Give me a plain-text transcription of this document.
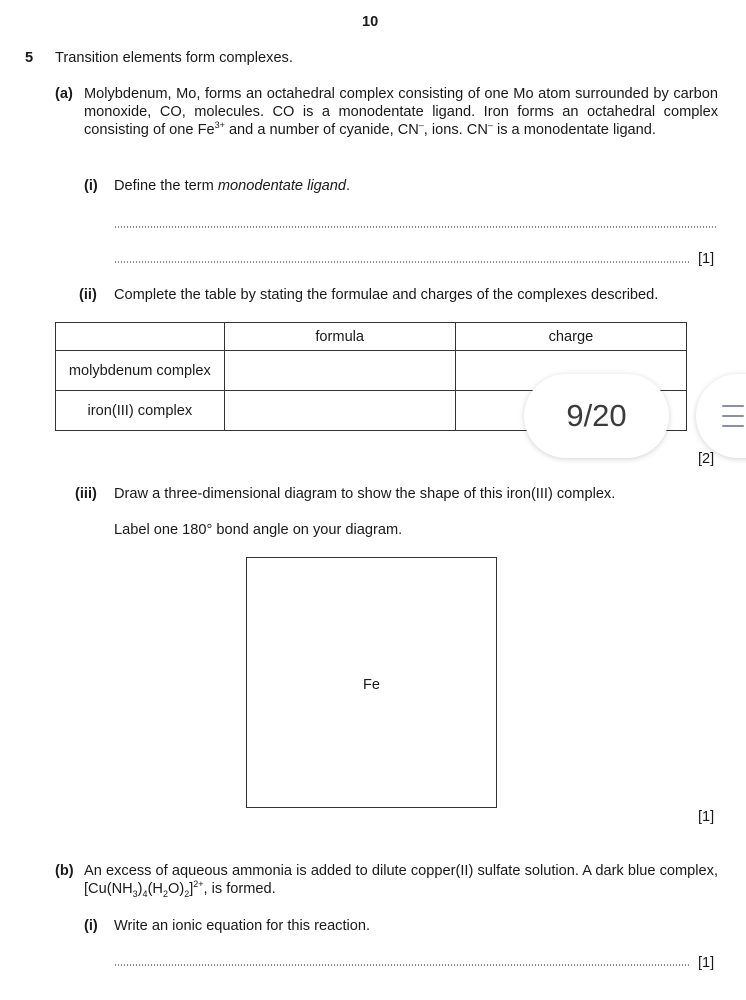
10
5 Transition elements form complexes.
(a) Molybdenum, Mo, forms an octahedral complex consisting of one Mo atom surrounded by carbon monoxide, CO, molecules. CO is a monodentate ligand. Iron forms an octahedral complex consisting of one $Fe^{3+}$ and a number of cyanide, CN–, ions. CN– is a monodentate ligand.
(i) Define the term monodentate ligand.
[1]
(ii) Complete the table by stating the formulae and charges of the complexes described.
	formula	charge
molybdenum complex		
iron(III) complex		
[2]
(iii) Draw a three-dimensional diagram to show the shape of this iron(III) complex.
Label one 180° bond angle on your diagram.
Fe
[1]
(b) An excess of aqueous ammonia is added to dilute copper(II) sulfate solution. A dark blue complex, $[Cu(NH_3)_4(H_2O)_2]^{2+}$, is formed.
(i) Write an ionic equation for this reaction.
[1]
9/20
